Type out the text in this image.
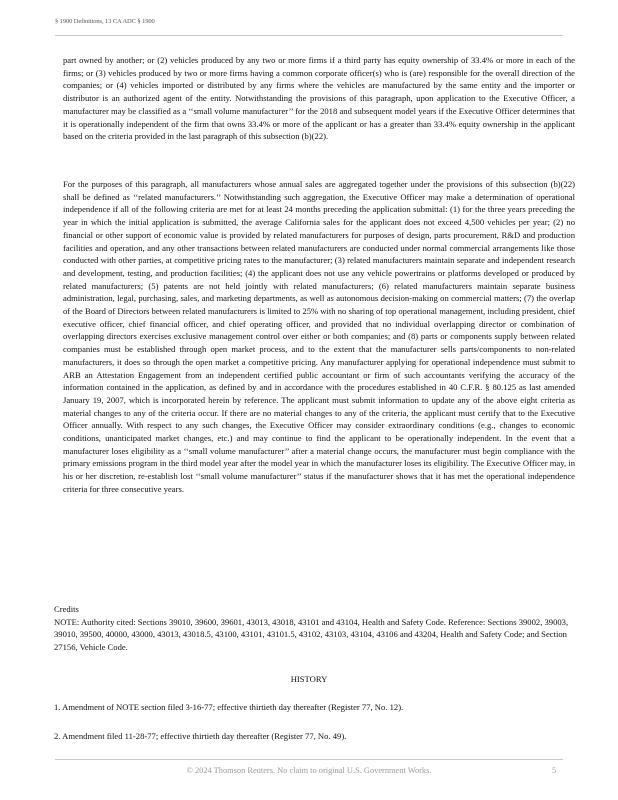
§ 1900 Definitions, 13 CA ADC § 1900
part owned by another; or (2) vehicles produced by any two or more firms if a third party has equity ownership of 33.4% or more in each of the firms; or (3) vehicles produced by two or more firms having a common corporate officer(s) who is (are) responsible for the overall direction of the companies; or (4) vehicles imported or distributed by any firms where the vehicles are manufactured by the same entity and the importer or distributor is an authorized agent of the entity. Notwithstanding the provisions of this paragraph, upon application to the Executive Officer, a manufacturer may be classified as a ‘‘small volume manufacturer’’ for the 2018 and subsequent model years if the Executive Officer determines that it is operationally independent of the firm that owns 33.4% or more of the applicant or has a greater than 33.4% equity ownership in the applicant based on the criteria provided in the last paragraph of this subsection (b)(22).
For the purposes of this paragraph, all manufacturers whose annual sales are aggregated together under the provisions of this subsection (b)(22) shall be defined as ‘‘related manufacturers.’’ Notwithstanding such aggregation, the Executive Officer may make a determination of operational independence if all of the following criteria are met for at least 24 months preceding the application submittal: (1) for the three years preceding the year in which the initial application is submitted, the average California sales for the applicant does not exceed 4,500 vehicles per year; (2) no financial or other support of economic value is provided by related manufacturers for purposes of design, parts procurement, R&D and production facilities and operation, and any other transactions between related manufacturers are conducted under normal commercial arrangements like those conducted with other parties, at competitive pricing rates to the manufacturer; (3) related manufacturers maintain separate and independent research and development, testing, and production facilities; (4) the applicant does not use any vehicle powertrains or platforms developed or produced by related manufacturers; (5) patents are not held jointly with related manufacturers; (6) related manufacturers maintain separate business administration, legal, purchasing, sales, and marketing departments, as well as autonomous decision-making on commercial matters; (7) the overlap of the Board of Directors between related manufacturers is limited to 25% with no sharing of top operational management, including president, chief executive officer, chief financial officer, and chief operating officer, and provided that no individual overlapping director or combination of overlapping directors exercises exclusive management control over either or both companies; and (8) parts or components supply between related companies must be established through open market process, and to the extent that the manufacturer sells parts/components to non-related manufacturers, it does so through the open market a competitive pricing. Any manufacturer applying for operational independence must submit to ARB an Attestation Engagement from an independent certified public accountant or firm of such accountants verifying the accuracy of the information contained in the application, as defined by and in accordance with the procedures established in 40 C.F.R. § 80.125 as last amended January 19, 2007, which is incorporated herein by reference. The applicant must submit information to update any of the above eight criteria as material changes to any of the criteria occur. If there are no material changes to any of the criteria, the applicant must certify that to the Executive Officer annually. With respect to any such changes, the Executive Officer may consider extraordinary conditions (e.g., changes to economic conditions, unanticipated market changes, etc.) and may continue to find the applicant to be operationally independent. In the event that a manufacturer loses eligibility as a ‘‘small volume manufacturer’’ after a material change occurs, the manufacturer must begin compliance with the primary emissions program in the third model year after the model year in which the manufacturer loses its eligibility. The Executive Officer may, in his or her discretion, re-establish lost ‘‘small volume manufacturer’’ status if the manufacturer shows that it has met the operational independence criteria for three consecutive years.
Credits
NOTE: Authority cited: Sections 39010, 39600, 39601, 43013, 43018, 43101 and 43104, Health and Safety Code. Reference: Sections 39002, 39003, 39010, 39500, 40000, 43000, 43013, 43018.5, 43100, 43101, 43101.5, 43102, 43103, 43104, 43106 and 43204, Health and Safety Code; and Section 27156, Vehicle Code.
HISTORY
1. Amendment of NOTE section filed 3-16-77; effective thirtieth day thereafter (Register 77, No. 12).
2. Amendment filed 11-28-77; effective thirtieth day thereafter (Register 77, No. 49).
© 2024 Thomson Reuters. No claim to original U.S. Government Works.	5
